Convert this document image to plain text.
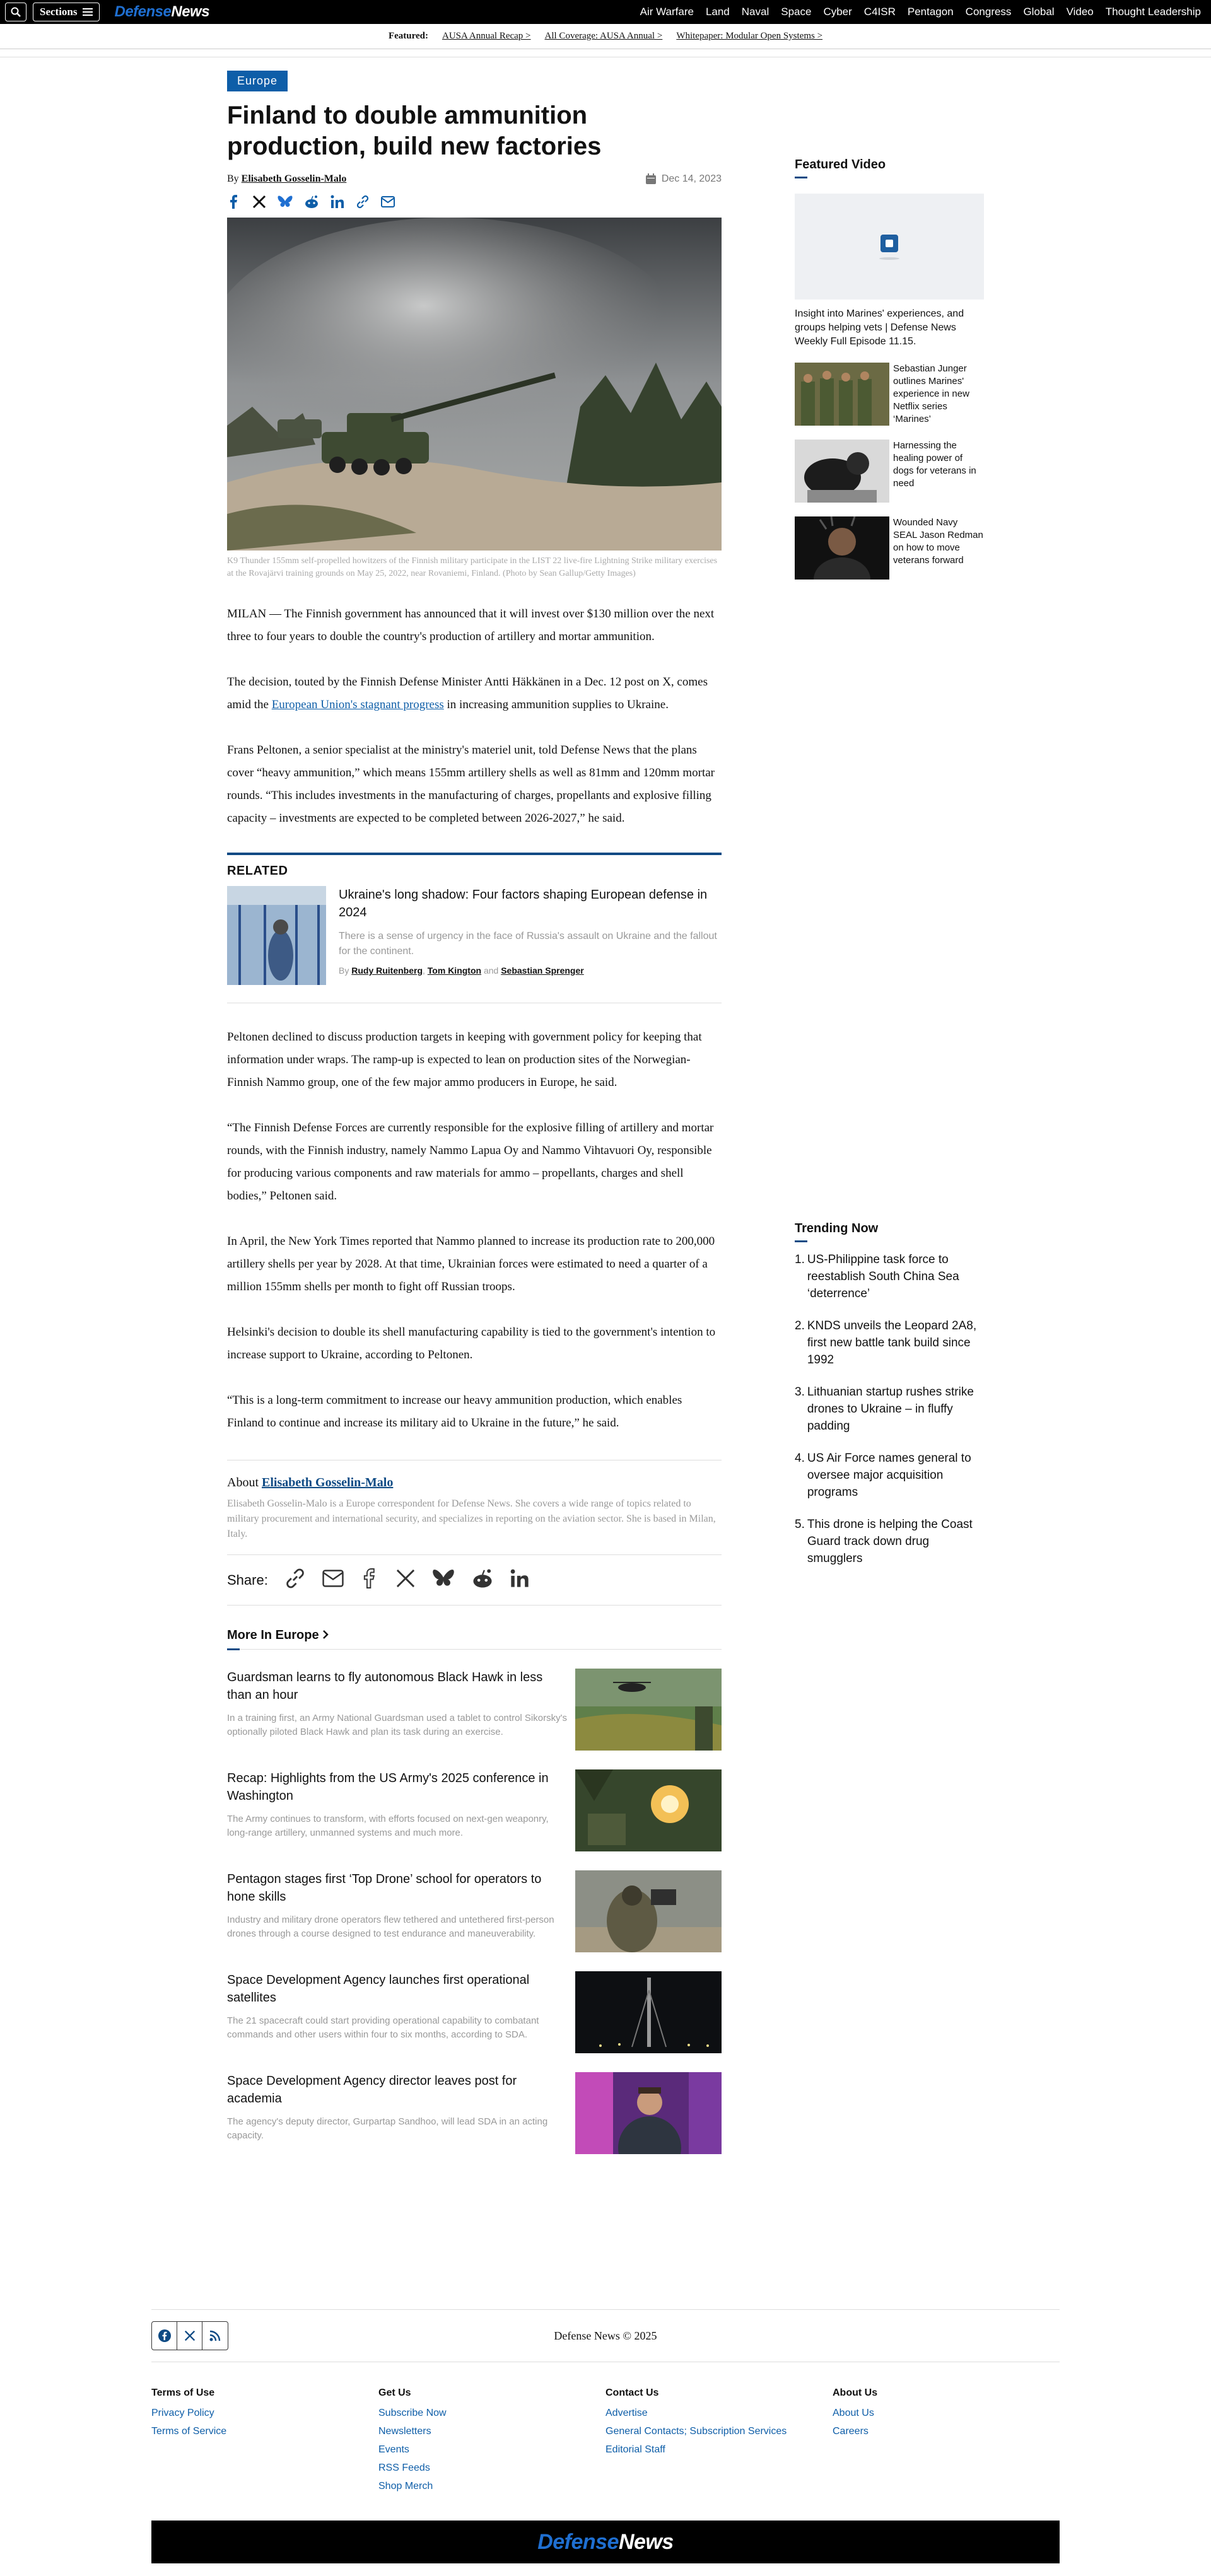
Sections DefenseNews	Air Warfare Land Naval Space Cyber C4ISR Pentagon Congress Global Video Thought Leadership
Featured: AUSA Annual Recap > All Coverage: AUSA Annual > Whitepaper: Modular Open Systems >
Europe
Finland to double ammunition production, build new factories
By Elisabeth Gosselin-Malo	Dec 14, 2023

K9 Thunder 155mm self-propelled howitzers of the Finnish military participate in the LIST 22 live-fire Lightning Strike military exercises at the Rovajärvi training grounds on May 25, 2022, near Rovaniemi, Finland. (Photo by Sean Gallup/Getty Images)

MILAN — The Finnish government has announced that it will invest over $130 million over the next three to four years to double the country's production of artillery and mortar ammunition.

The decision, touted by the Finnish Defense Minister Antti Häkkänen in a Dec. 12 post on X, comes amid the European Union's stagnant progress in increasing ammunition supplies to Ukraine.

Frans Peltonen, a senior specialist at the ministry's materiel unit, told Defense News that the plans cover “heavy ammunition,” which means 155mm artillery shells as well as 81mm and 120mm mortar rounds. “This includes investments in the manufacturing of charges, propellants and explosive filling capacity – investments are expected to be completed between 2026-2027,” he said.

RELATED
Ukraine's long shadow: Four factors shaping European defense in 2024
There is a sense of urgency in the face of Russia's assault on Ukraine and the fallout for the continent.
By Rudy Ruitenberg, Tom Kington and Sebastian Sprenger

Peltonen declined to discuss production targets in keeping with government policy for keeping that information under wraps. The ramp-up is expected to lean on production sites of the Norwegian-Finnish Nammo group, one of the few major ammo producers in Europe, he said.

“The Finnish Defense Forces are currently responsible for the explosive filling of artillery and mortar rounds, with the Finnish industry, namely Nammo Lapua Oy and Nammo Vihtavuori Oy, responsible for producing various components and raw materials for ammo – propellants, charges and shell bodies,” Peltonen said.

In April, the New York Times reported that Nammo planned to increase its production rate to 200,000 artillery shells per year by 2028. At that time, Ukrainian forces were estimated to need a quarter of a million 155mm shells per month to fight off Russian troops.

Helsinki's decision to double its shell manufacturing capability is tied to the government's intention to increase support to Ukraine, according to Peltonen.

“This is a long-term commitment to increase our heavy ammunition production, which enables Finland to continue and increase its military aid to Ukraine in the future,” he said.

About Elisabeth Gosselin-Malo

Elisabeth Gosselin-Malo is a Europe correspondent for Defense News. She covers a wide range of topics related to military procurement and international security, and specializes in reporting on the aviation sector. She is based in Milan, Italy.

Share:
More In Europe
Guardsman learns to fly autonomous Black Hawk in less than an hour
In a training first, an Army National Guardsman used a tablet to control Sikorsky's optionally piloted Black Hawk and plan its task during an exercise.
Recap: Highlights from the US Army's 2025 conference in Washington
The Army continues to transform, with efforts focused on next-gen weaponry, long-range artillery, unmanned systems and much more.
Pentagon stages first ‘Top Drone’ school for operators to hone skills
Industry and military drone operators flew tethered and untethered first-person drones through a course designed to test endurance and maneuverability.
Space Development Agency launches first operational satellites
The 21 spacecraft could start providing operational capability to combatant commands and other users within four to six months, according to SDA.
Space Development Agency director leaves post for academia
The agency's deputy director, Gurpartap Sandhoo, will lead SDA in an acting capacity.
Featured Video
Insight into Marines' experiences, and groups helping vets | Defense News Weekly Full Episode 11.15.
Sebastian Junger outlines Marines' experience in new Netflix series ‘Marines’
Harnessing the healing power of dogs for veterans in need
Wounded Navy SEAL Jason Redman on how to move veterans forward
Trending Now
1. US-Philippine task force to reestablish South China Sea ‘deterrence’
2. KNDS unveils the Leopard 2A8, first new battle tank build since 1992
3. Lithuanian startup rushes strike drones to Ukraine – in fluffy padding
4. US Air Force names general to oversee major acquisition programs
5. This drone is helping the Coast Guard track down drug smugglers
Defense News © 2025
Terms of Use
Privacy Policy
Terms of Service
Get Us
Subscribe Now
Newsletters
Events
RSS Feeds
Shop Merch
Contact Us
Advertise
General Contacts; Subscription Services
Editorial Staff
About Us
About Us
Careers
DefenseNews
